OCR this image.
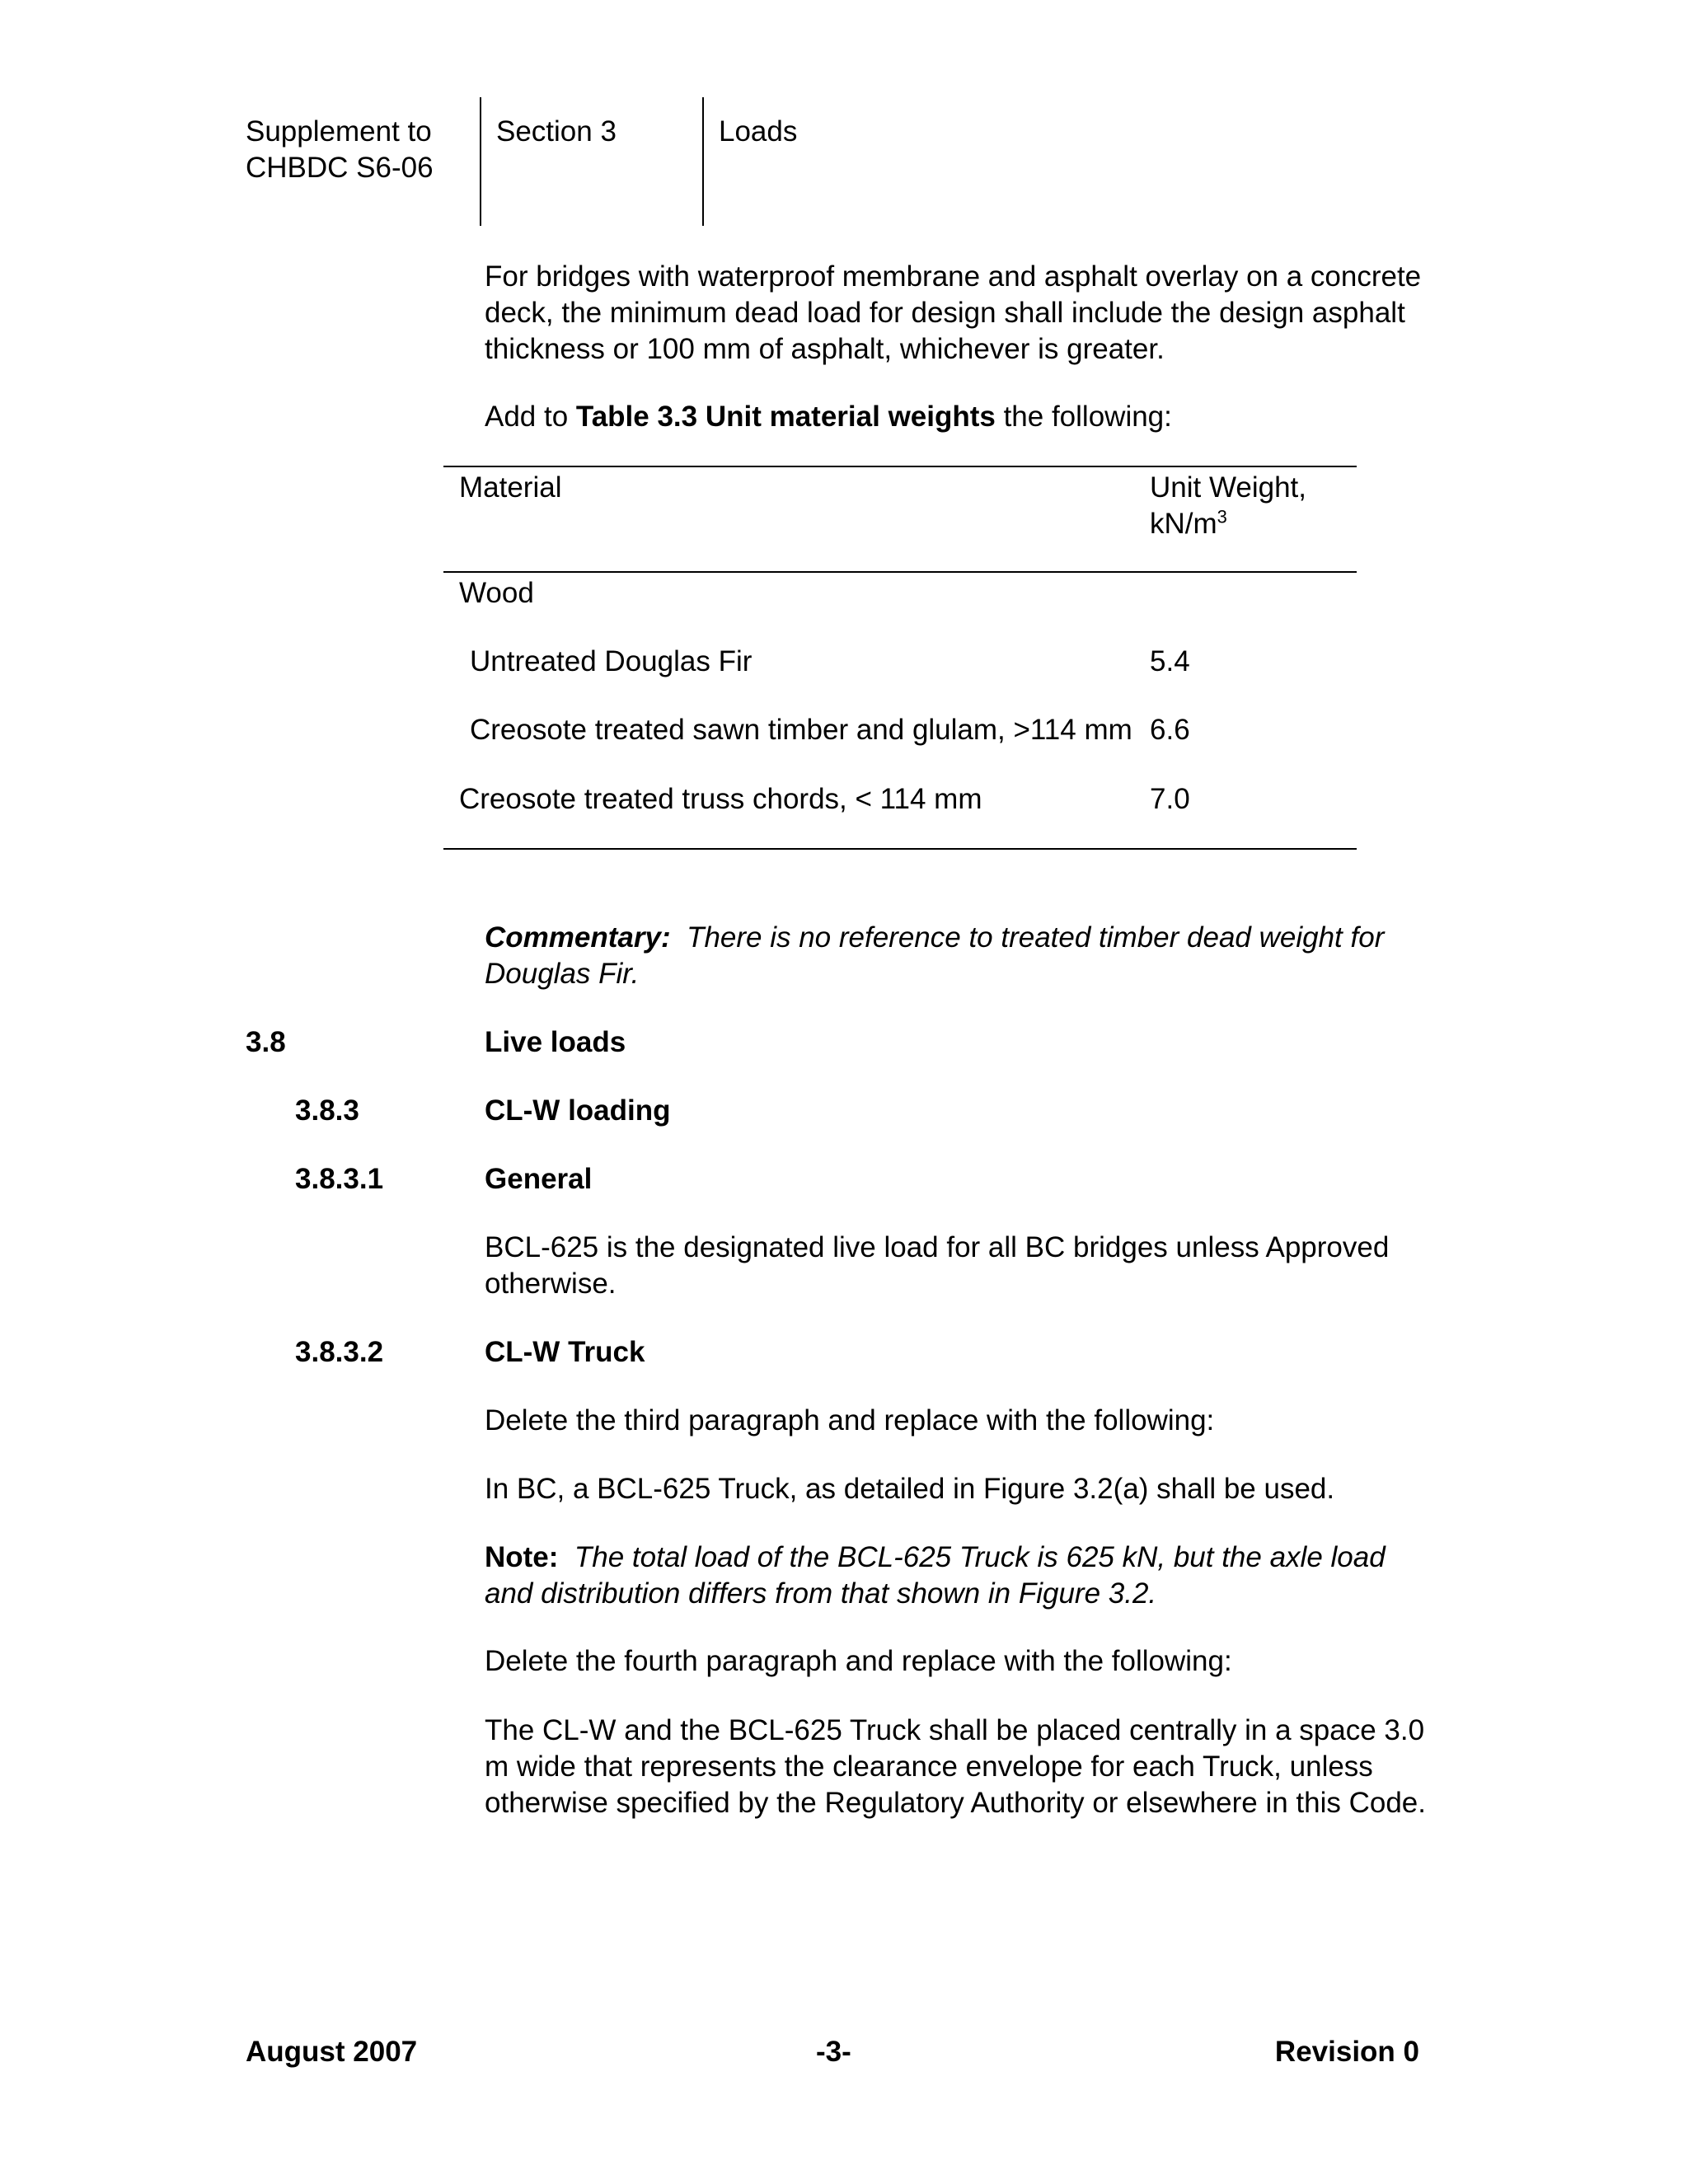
Supplement to
CHBDC S6-06
Section 3	Loads
For bridges with waterproof membrane and asphalt overlay on a concrete deck, the minimum dead load for design shall include the design asphalt thickness or 100 mm of asphalt, whichever is greater.
Add to Table 3.3 Unit material weights the following:
Material	Unit Weight,
$kN/m^3$
Wood
Untreated Douglas Fir	5.4
Creosote treated sawn timber and glulam, >114 mm 6.6
Creosote treated truss chords, < 114 mm	7.0
Commentary: There is no reference to treated timber dead weight for Douglas Fir.
3.8	Live loads
3.8.3	CL-W loading
3.8.3.1	General
BCL-625 is the designated live load for all BC bridges unless Approved otherwise.
3.8.3.2	CL-W Truck
Delete the third paragraph and replace with the following:
In BC, a BCL-625 Truck, as detailed in Figure 3.2(a) shall be used.
Note: The total load of the BCL-625 Truck is 625 kN, but the axle load and distribution differs from that shown in Figure 3.2.
Delete the fourth paragraph and replace with the following:
The CL-W and the BCL-625 Truck shall be placed centrally in a space 3.0 m wide that represents the clearance envelope for each Truck, unless otherwise specified by the Regulatory Authority or elsewhere in this Code.
August 2007	-3-	Revision 0
